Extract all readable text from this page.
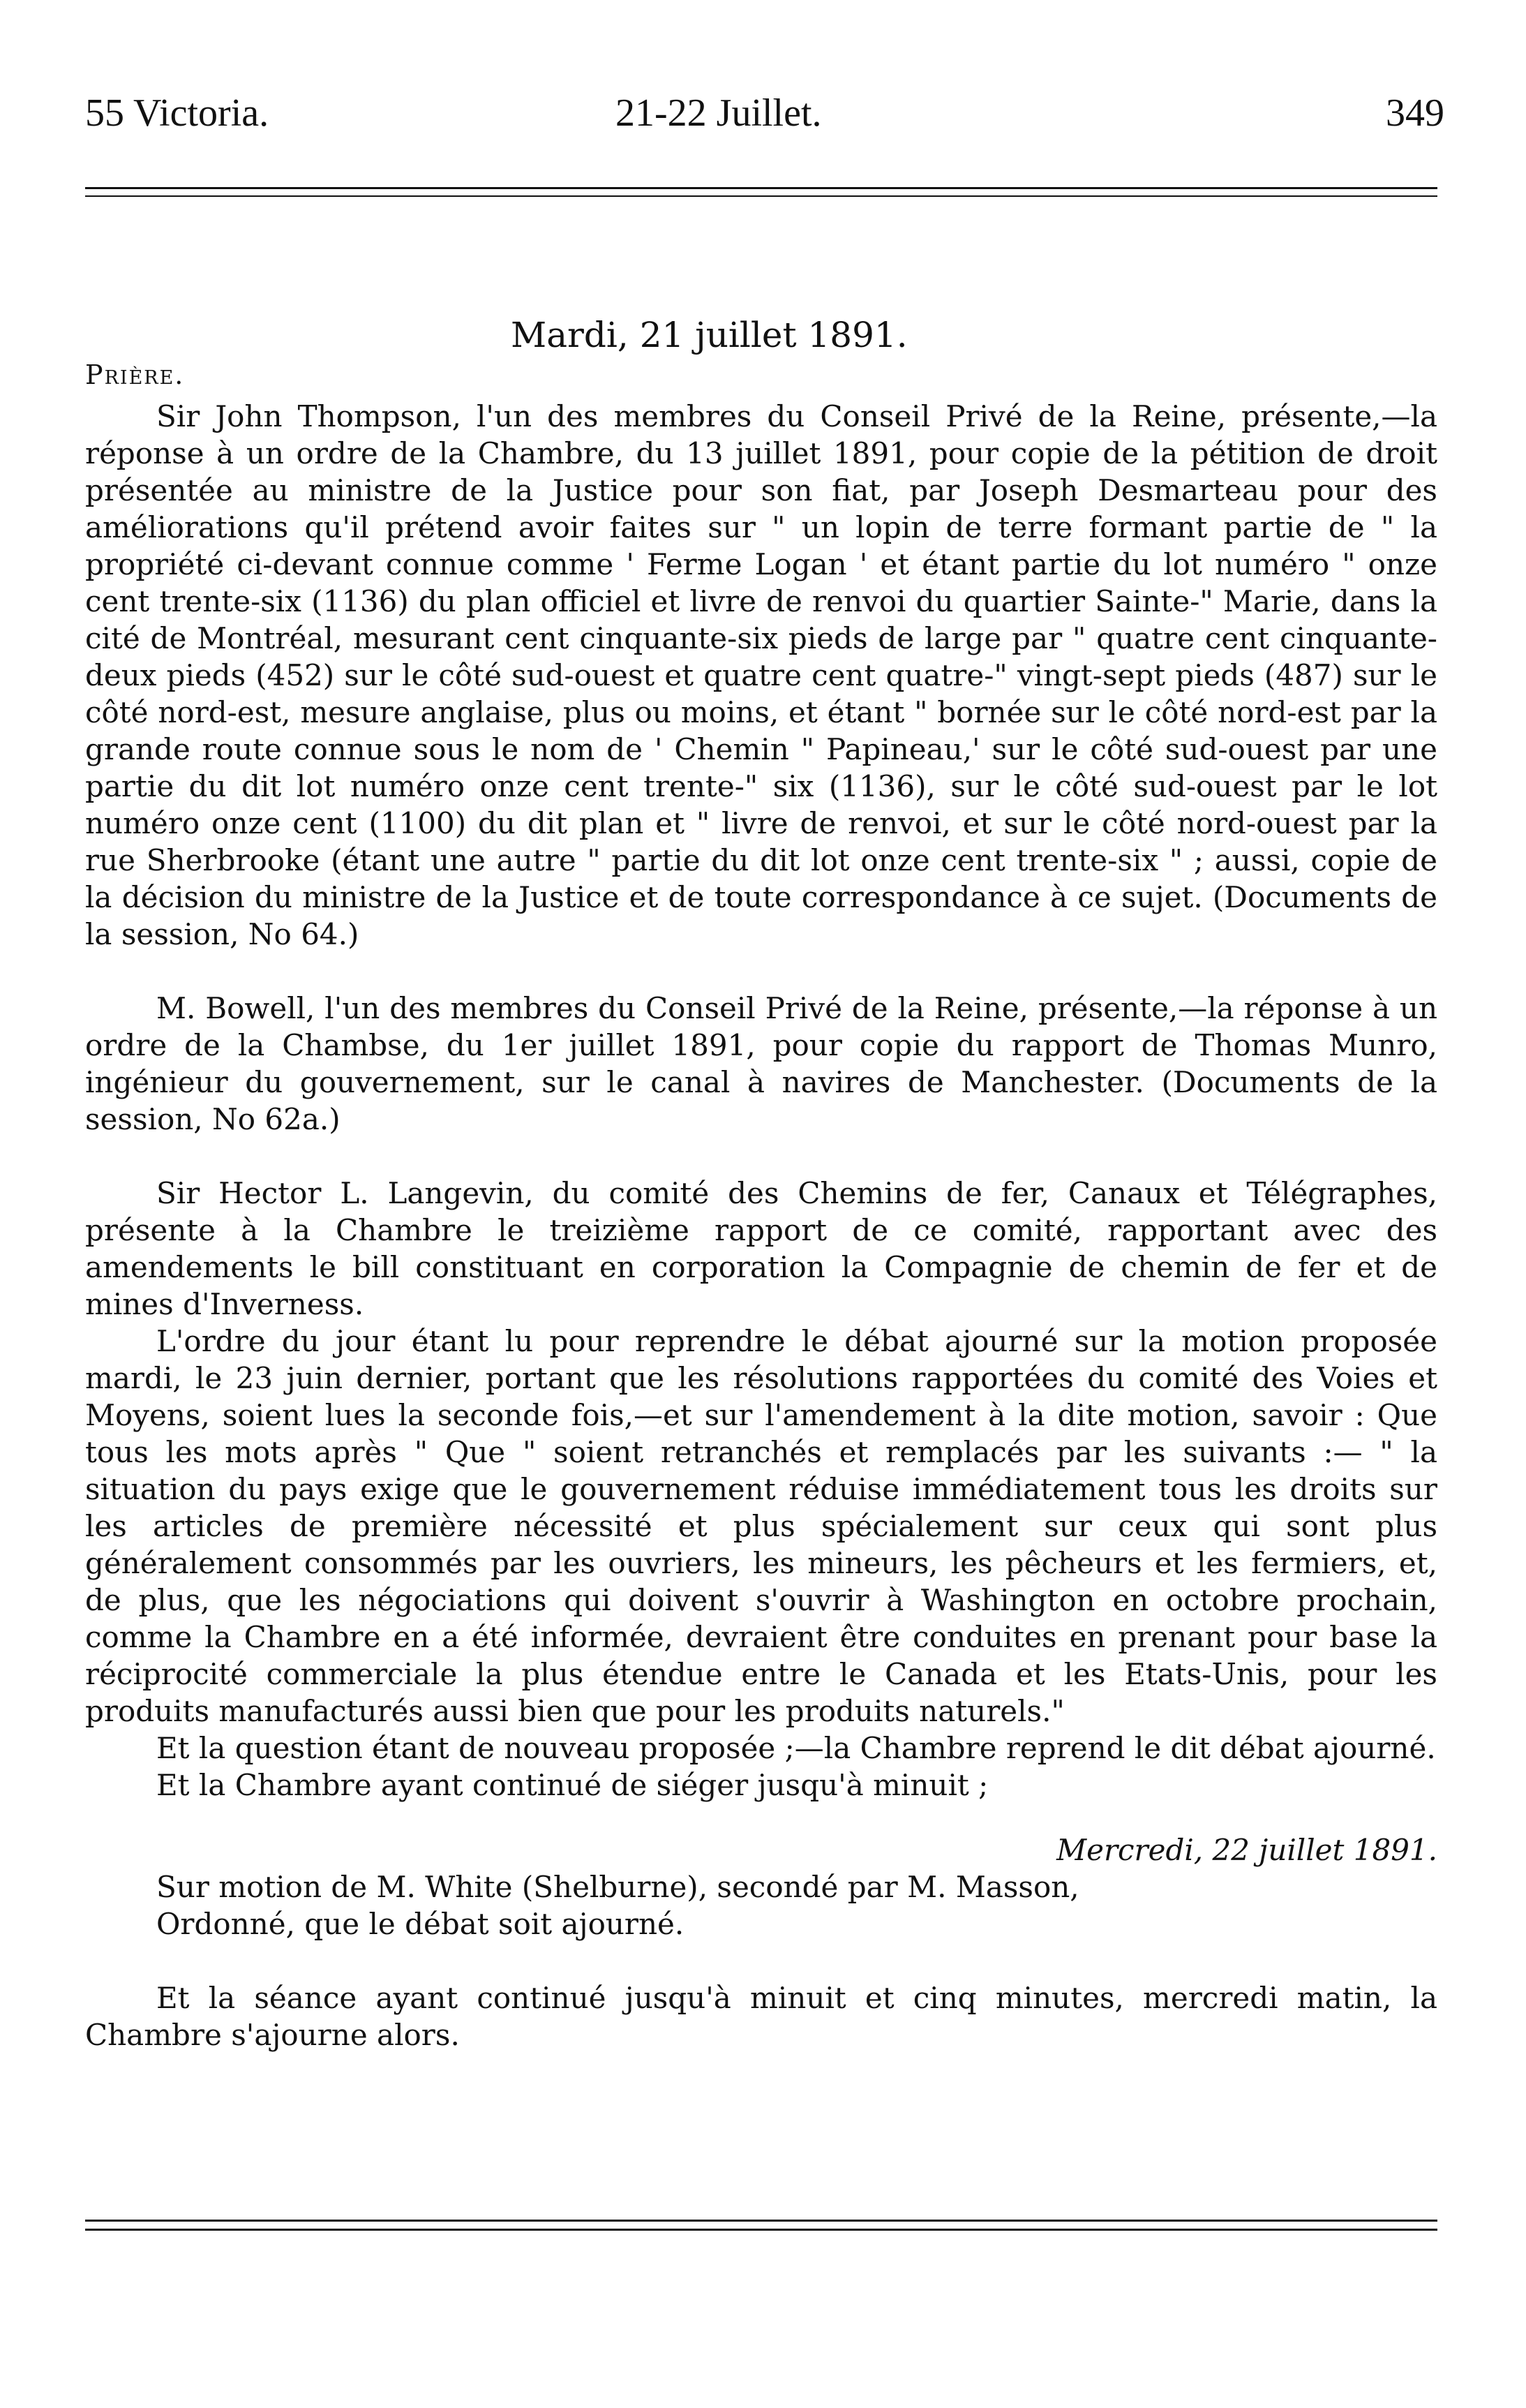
55 Victoria.	21-22 Juillet.	349
Mardi, 21 juillet 1891.
Prière.

Sir John Thompson, l'un des membres du Conseil Privé de la Reine, présente,—la réponse à un ordre de la Chambre, du 13 juillet 1891, pour copie de la pétition de droit présentée au ministre de la Justice pour son fiat, par Joseph Desmarteau pour des améliorations qu'il prétend avoir faites sur " un lopin de terre formant partie de " la propriété ci-devant connue comme ' Ferme Logan ' et étant partie du lot numéro " onze cent trente-six (1136) du plan officiel et livre de renvoi du quartier Sainte-" Marie, dans la cité de Montréal, mesurant cent cinquante-six pieds de large par " quatre cent cinquante-deux pieds (452) sur le côté sud-ouest et quatre cent quatre-" vingt-sept pieds (487) sur le côté nord-est, mesure anglaise, plus ou moins, et étant " bornée sur le côté nord-est par la grande route connue sous le nom de ' Chemin " Papineau,' sur le côté sud-ouest par une partie du dit lot numéro onze cent trente-" six (1136), sur le côté sud-ouest par le lot numéro onze cent (1100) du dit plan et " livre de renvoi, et sur le côté nord-ouest par la rue Sherbrooke (étant une autre " partie du dit lot onze cent trente-six " ; aussi, copie de la décision du ministre de la Justice et de toute correspondance à ce sujet. (Documents de la session, No 64.)

M. Bowell, l'un des membres du Conseil Privé de la Reine, présente,—la réponse à un ordre de la Chambse, du 1er juillet 1891, pour copie du rapport de Thomas Munro, ingénieur du gouvernement, sur le canal à navires de Manchester. (Documents de la session, No 62a.)

Sir Hector L. Langevin, du comité des Chemins de fer, Canaux et Télégraphes, présente à la Chambre le treizième rapport de ce comité, rapportant avec des amendements le bill constituant en corporation la Compagnie de chemin de fer et de mines d'Inverness.

L'ordre du jour étant lu pour reprendre le débat ajourné sur la motion proposée mardi, le 23 juin dernier, portant que les résolutions rapportées du comité des Voies et Moyens, soient lues la seconde fois,—et sur l'amendement à la dite motion, savoir : Que tous les mots après " Que " soient retranchés et remplacés par les suivants :— " la situation du pays exige que le gouvernement réduise immédiatement tous les droits sur les articles de première nécessité et plus spécialement sur ceux qui sont plus généralement consommés par les ouvriers, les mineurs, les pêcheurs et les fermiers, et, de plus, que les négociations qui doivent s'ouvrir à Washington en octobre prochain, comme la Chambre en a été informée, devraient être conduites en prenant pour base la réciprocité commerciale la plus étendue entre le Canada et les Etats-Unis, pour les produits manufacturés aussi bien que pour les produits naturels."

Et la question étant de nouveau proposée ;—la Chambre reprend le dit débat ajourné.

Et la Chambre ayant continué de siéger jusqu'à minuit ;

Mercredi, 22 juillet 1891.

Sur motion de M. White (Shelburne), secondé par M. Masson,

Ordonné, que le débat soit ajourné.

Et la séance ayant continué jusqu'à minuit et cinq minutes, mercredi matin, la Chambre s'ajourne alors.
